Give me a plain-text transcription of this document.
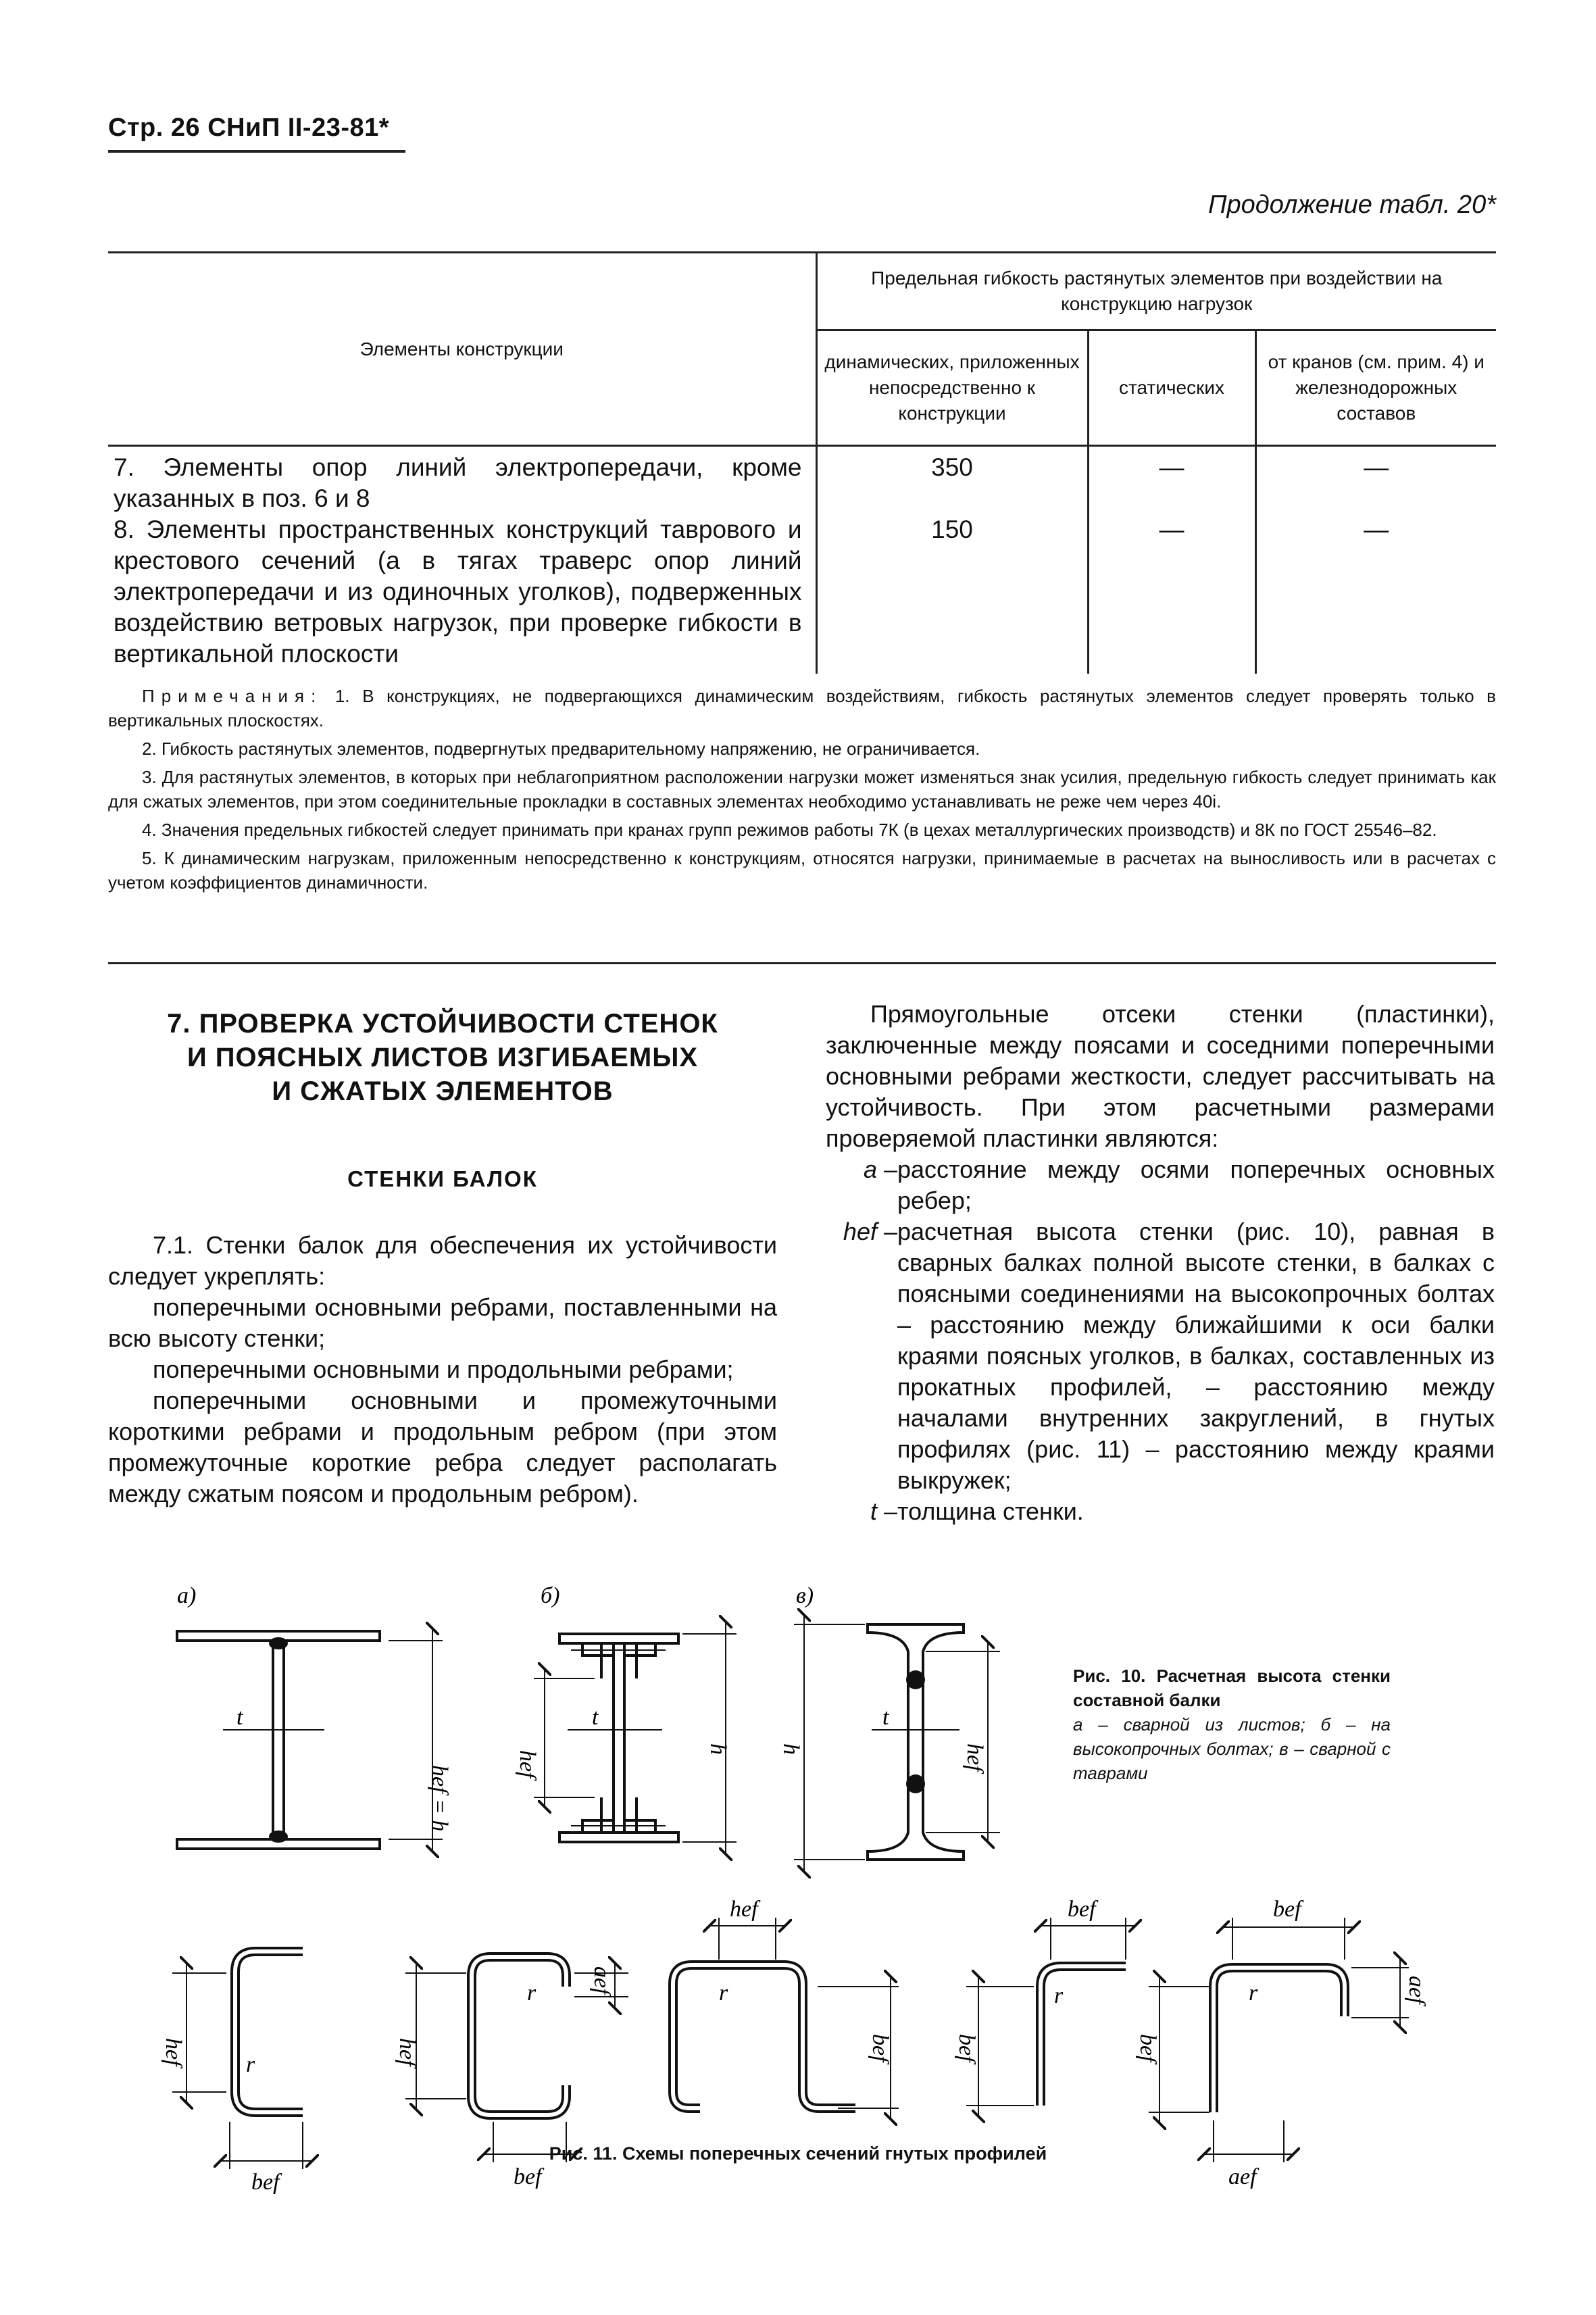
Стр. 26 СНиП II-23-81*
Продолжение табл. 20*
Элементы конструкции	Предельная гибкость растянутых элементов при воздействии на конструкцию нагрузок		
	динамических, приложенных непосредственно к конструкции	статических	от кранов (см. прим. 4) и железнодорожных составов
7. Элементы опор линий электропередачи, кроме указанных в поз. 6 и 8	350	—	—
8. Элементы пространственных конструкций таврового и крестового сечений (а в тягах траверс опор линий электропередачи и из одиночных уголков), подверженных воздействию ветровых нагрузок, при проверке гибкости в вертикальной плоскости	150	—	—

Примечания: 1. В конструкциях, не подвергающихся динамическим воздействиям, гибкость растянутых элементов следует проверять только в вертикальных плоскостях.

2. Гибкость растянутых элементов, подвергнутых предварительному напряжению, не ограничивается.

3. Для растянутых элементов, в которых при неблагоприятном расположении нагрузки может изменяться знак усилия, предельную гибкость следует принимать как для сжатых элементов, при этом соединительные прокладки в составных элементах необходимо устанавливать не реже чем через 40i.

4. Значения предельных гибкостей следует принимать при кранах групп режимов работы 7К (в цехах металлургических производств) и 8К по ГОСТ 25546–82.

5. К динамическим нагрузкам, приложенным непосредственно к конструкциям, относятся нагрузки, принимаемые в расчетах на выносливость или в расчетах с учетом коэффициентов динамичности.

7. ПРОВЕРКА УСТОЙЧИВОСТИ СТЕНОК
И ПОЯСНЫХ ЛИСТОВ ИЗГИБАЕМЫХ
И СЖАТЫХ ЭЛЕМЕНТОВ
СТЕНКИ БАЛОК

7.1. Стенки балок для обеспечения их устойчивости следует укреплять:

поперечными основными ребрами, поставленными на всю высоту стенки;

поперечными основными и продольными ребрами;

поперечными основными и промежуточными короткими ребрами и продольным ребром (при этом промежуточные короткие ребра следует располагать между сжатым поясом и продольным ребром).

Прямоугольные отсеки стенки (пластинки), заключенные между поясами и соседними поперечными основными ребрами жесткости, следует рассчитывать на устойчивость. При этом расчетными размерами проверяемой пластинки являются:

a – расстояние между осями поперечных основных ребер;
hef – расчетная высота стенки (рис. 10), равная в сварных балках полной высоте стенки, в балках с поясными соединениями на высокопрочных болтах – расстоянию между ближайшими к оси балки краями поясных уголков, в балках, составленных из прокатных профилей, – расстоянию между началами внутренних закруглений, в гнутых профилях (рис. 11) – расстоянию между краями выкружек;
t – толщина стенки.
а)	б)	в)
t
hef = h
t
hef
h
t
h	hef
hef
bef
r	hef
aef
bef
r
hef
bef
r
bef
bef
r
bef
aef
bef
aef
r
Рис. 10. Расчетная высота стенки составной балки
а – сварной из листов; б – на высокопрочных болтах; в – сварной с таврами
Рис. 11. Схемы поперечных сечений гнутых профилей
